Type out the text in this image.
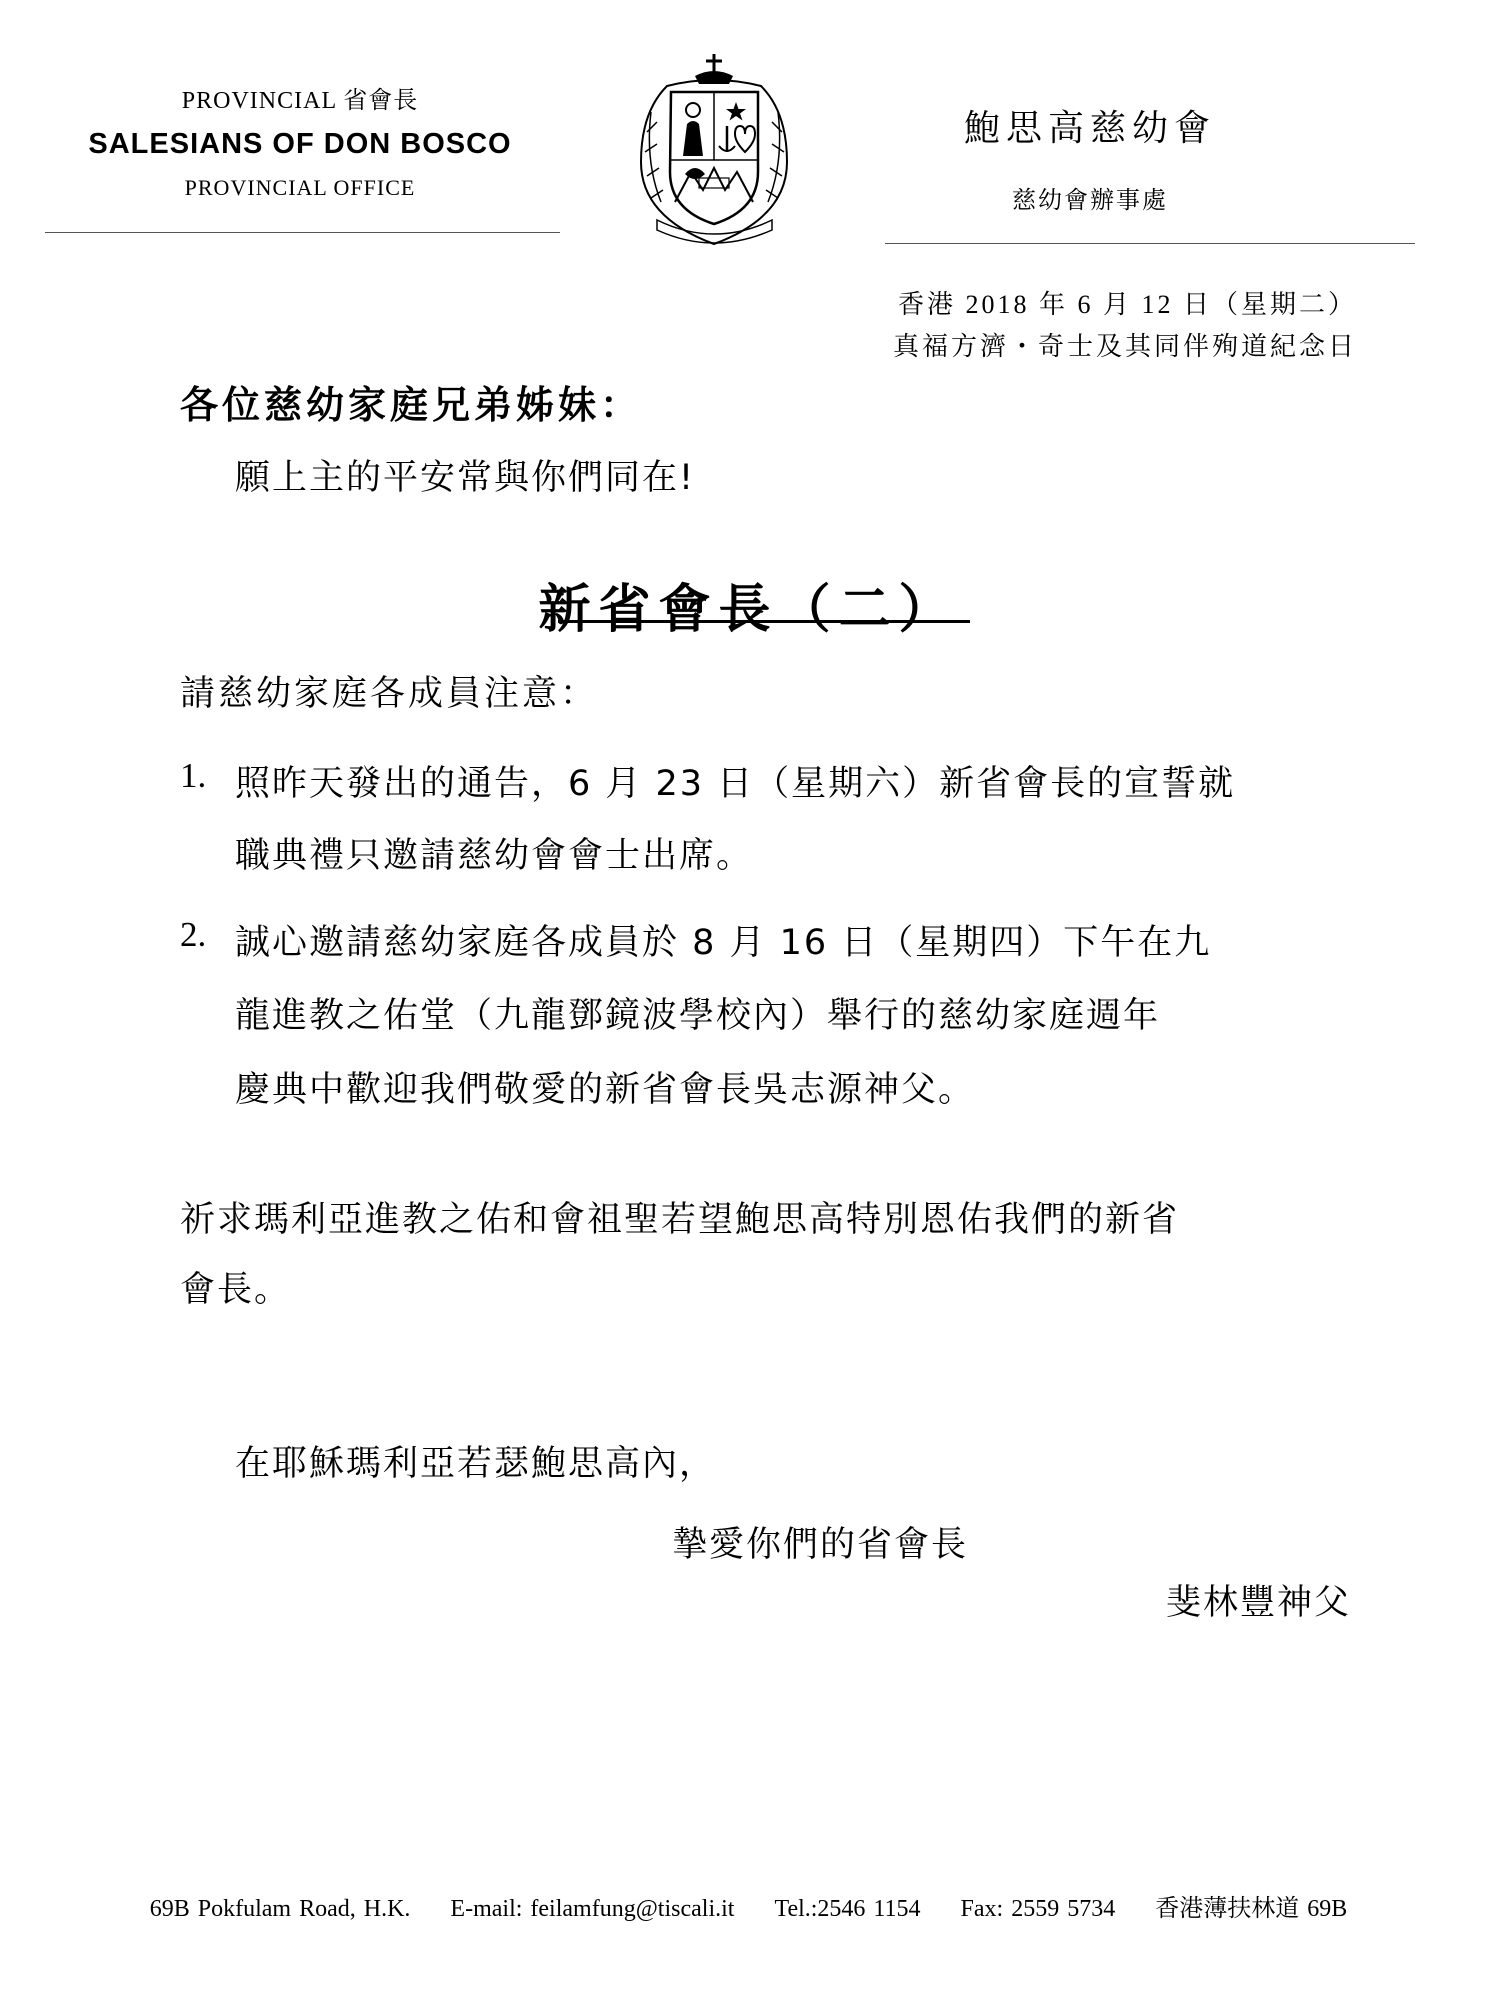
PROVINCIAL 省會長
SALESIANS OF DON BOSCO
PROVINCIAL OFFICE
鮑思高慈幼會
慈幼會辦事處
香港 2018 年 6 月 12 日（星期二）
真福方濟・奇士及其同伴殉道紀念日
各位慈幼家庭兄弟姊妹：
願上主的平安常與你們同在!
新省會長（二）
請慈幼家庭各成員注意：
1. 照昨天發出的通告，6 月 23 日（星期六）新省會長的宣誓就
職典禮只邀請慈幼會會士出席。
2. 誠心邀請慈幼家庭各成員於 8 月 16 日（星期四）下午在九
龍進教之佑堂（九龍鄧鏡波學校內）舉行的慈幼家庭週年
慶典中歡迎我們敬愛的新省會長吳志源神父。
祈求瑪利亞進教之佑和會祖聖若望鮑思高特別恩佑我們的新省
會長。
在耶穌瑪利亞若瑟鮑思高內，
摯愛你們的省會長
斐林豐神父
69B Pokfulam Road, H.K. E-mail: feilamfung@tiscali.it Tel.:2546 1154 Fax: 2559 5734 香港薄扶林道 69B
